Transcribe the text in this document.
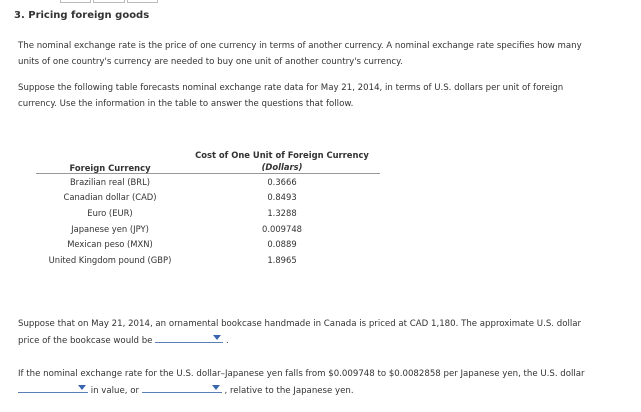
3. Pricing foreign goods
The nominal exchange rate is the price of one currency in terms of another currency. A nominal exchange rate specifies how many
units of one country's currency are needed to buy one unit of another country's currency.
Suppose the following table forecasts nominal exchange rate data for May 21, 2014, in terms of U.S. dollars per unit of foreign
currency. Use the information in the table to answer the questions that follow.
Foreign Currency	Cost of One Unit of Foreign Currency
(Dollars)

Brazilian real (BRL)	0.3666
Canadian dollar (CAD)	0.8493
Euro (EUR)	1.3288
Japanese yen (JPY)	0.009748
Mexican peso (MXN)	0.0889
United Kingdom pound (GBP)	1.8965
Suppose that on May 21, 2014, an ornamental bookcase handmade in Canada is priced at CAD 1,180. The approximate U.S. dollar
price of the bookcase would be	.
If the nominal exchange rate for the U.S. dollar–Japanese yen falls from $0.009748 to $0.0082858 per Japanese yen, the U.S. dollar
in value, or	, relative to the Japanese yen.
